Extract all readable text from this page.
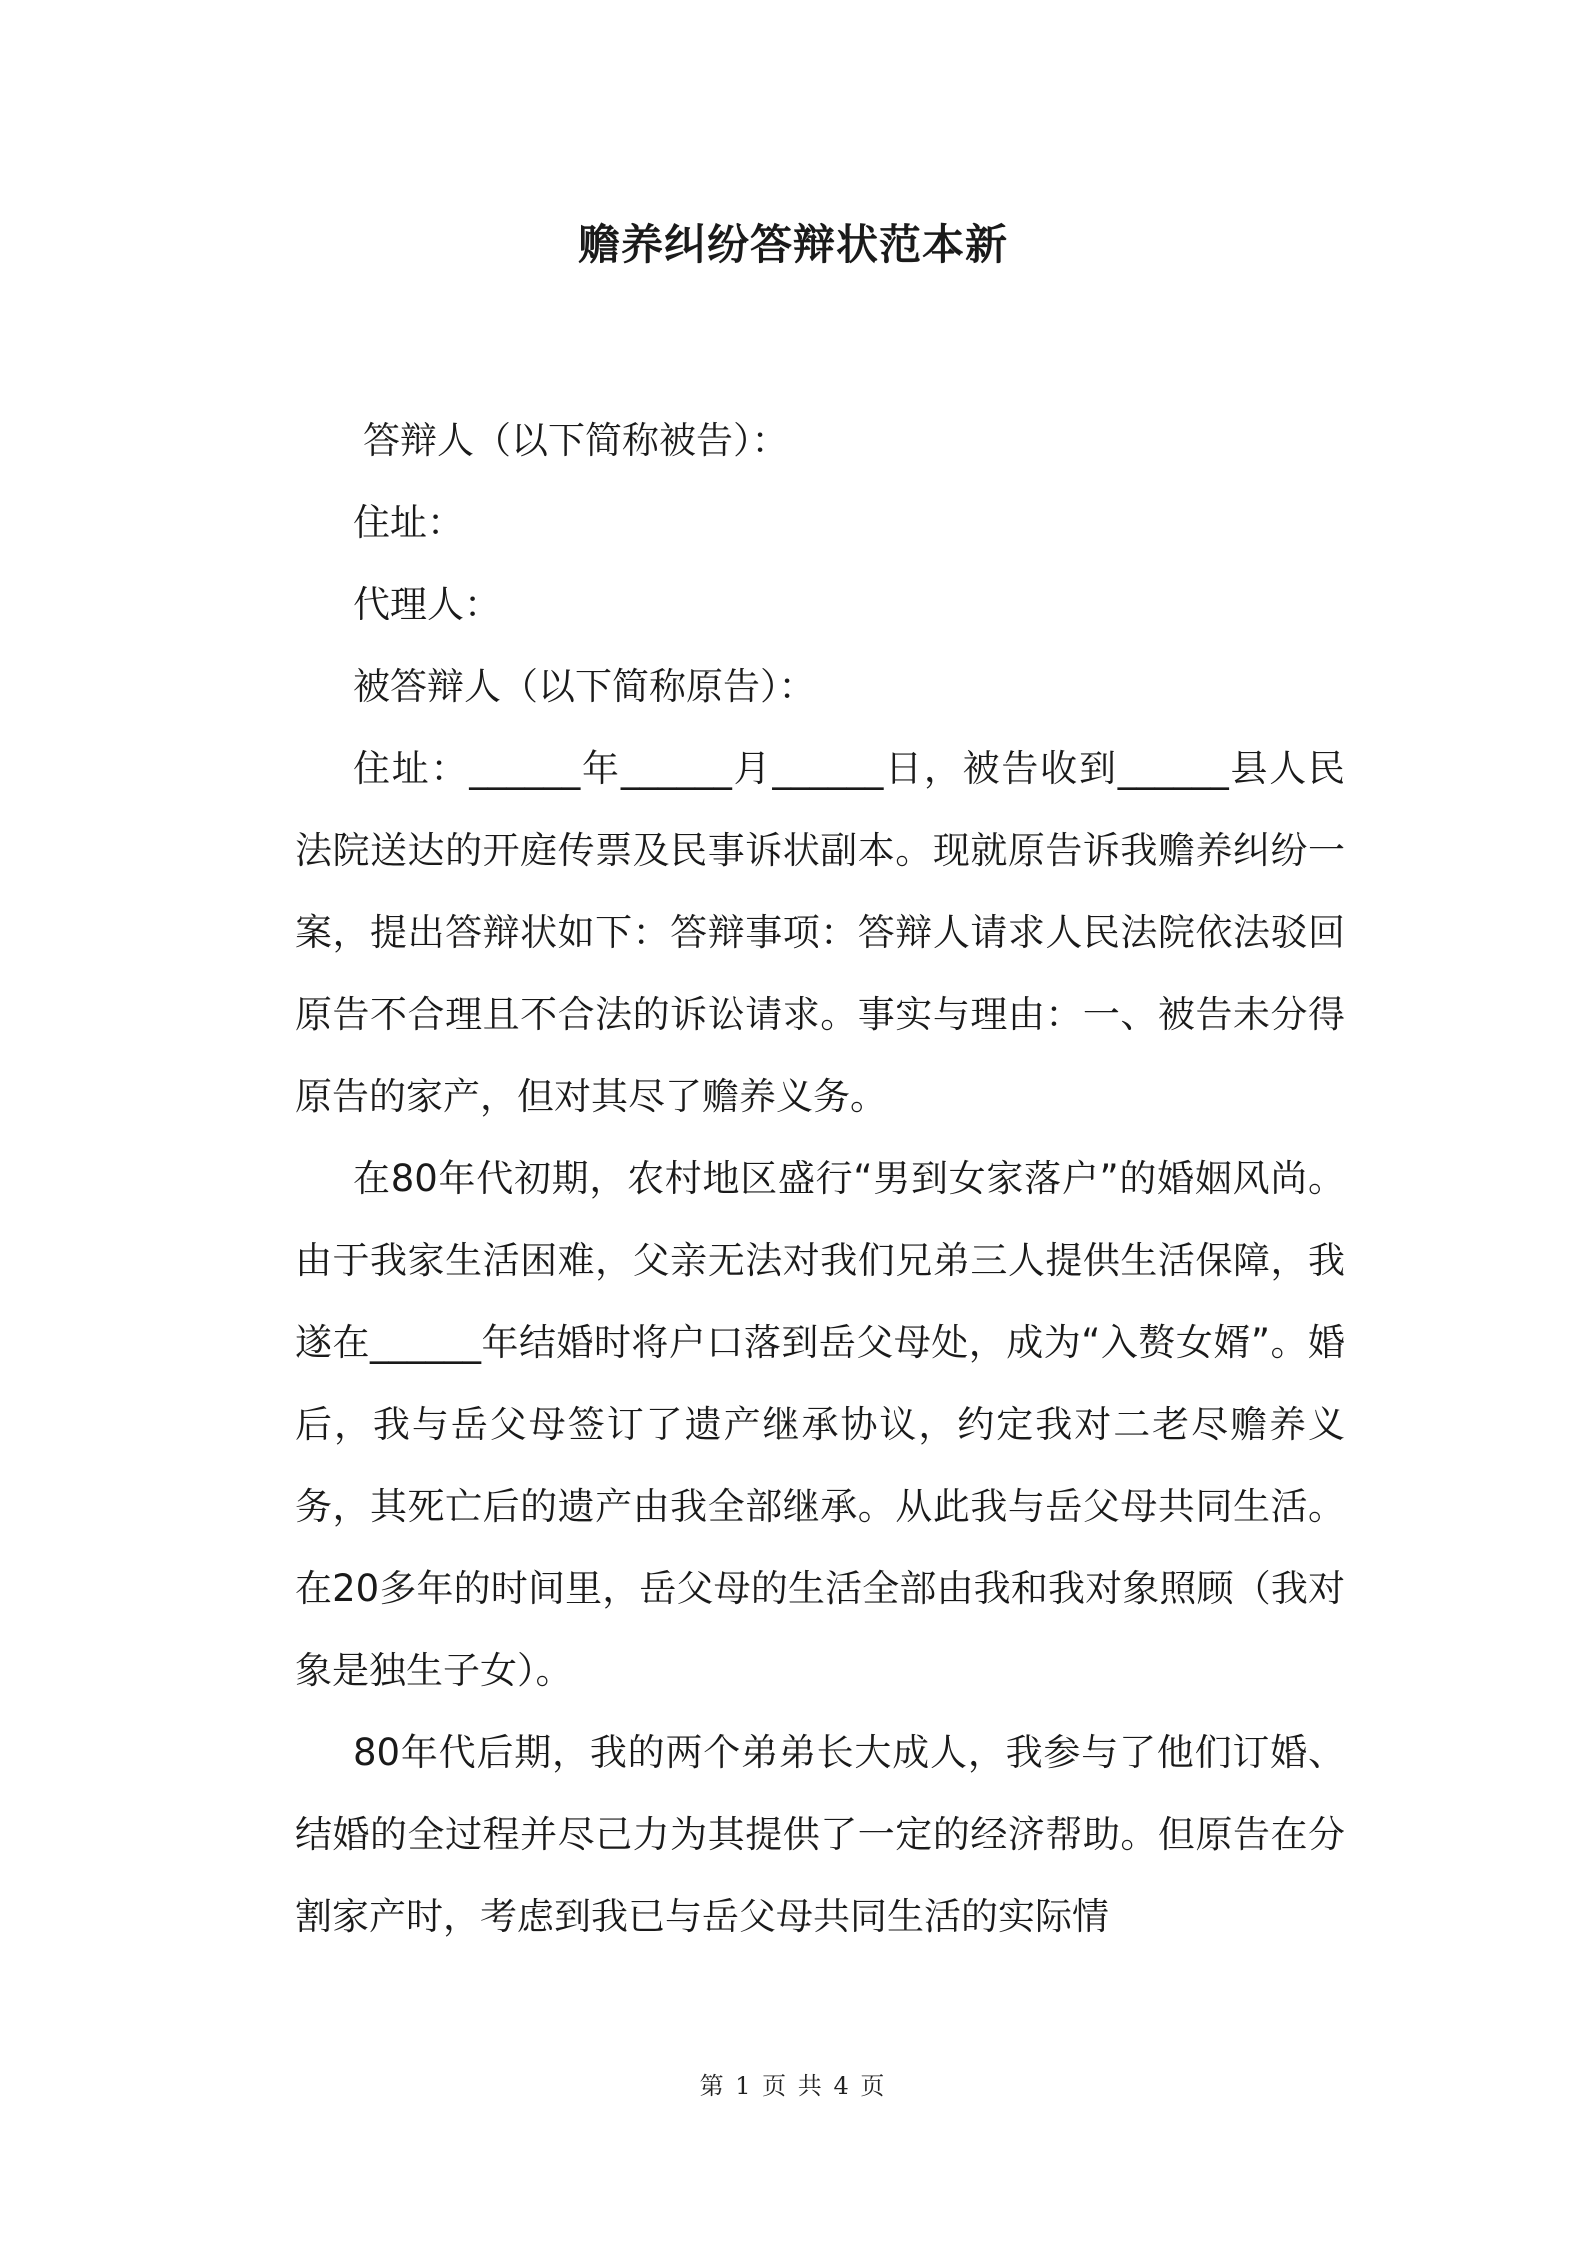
赡养纠纷答辩状范本新
答辩人（以下简称被告）：
住址：
代理人：
被答辩人（以下简称原告）：
住址：______年______月______日，被告收到______县人民法院送达的开庭传票及民事诉状副本。现就原告诉我赡养纠纷一案，提出答辩状如下：答辩事项：答辩人请求人民法院依法驳回原告不合理且不合法的诉讼请求。事实与理由：一、被告未分得原告的家产，但对其尽了赡养义务。
在80年代初期，农村地区盛行“男到女家落户”的婚姻风尚。由于我家生活困难，父亲无法对我们兄弟三人提供生活保障，我遂在______年结婚时将户口落到岳父母处，成为“入赘女婿”。婚后，我与岳父母签订了遗产继承协议，约定我对二老尽赡养义务，其死亡后的遗产由我全部继承。从此我与岳父母共同生活。在20多年的时间里，岳父母的生活全部由我和我对象照顾（我对象是独生子女）。
80年代后期，我的两个弟弟长大成人，我参与了他们订婚、结婚的全过程并尽己力为其提供了一定的经济帮助。但原告在分割家产时，考虑到我已与岳父母共同生活的实际情
第 1 页 共 4 页
